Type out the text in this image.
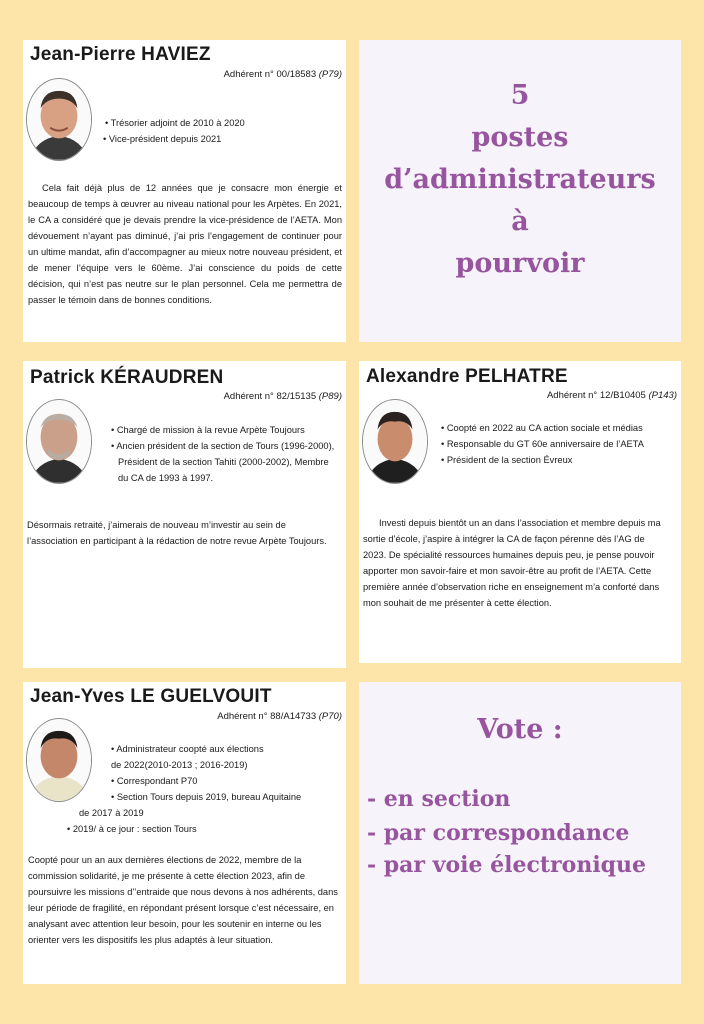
Jean-Pierre HAVIEZ
Adhérent n° 00/18583 (P79)
• Trésorier adjoint de 2010 à 2020
• Vice-président depuis 2021

Cela fait déjà plus de 12 années que je consacre mon énergie et beaucoup de temps à œuvrer au niveau national pour les Arpètes. En 2021, le CA a considéré que je devais prendre la vice-présidence de l’AETA. Mon dévouement n’ayant pas diminué, j’ai pris l’engagement de continuer pour un ultime mandat, afin d’accompagner au mieux notre nouveau président, et de mener l’équipe vers le 60ème. J’ai conscience du poids de cette décision, qui n’est pas neutre sur le plan personnel. Cela me permettra de passer le témoin dans de bonnes conditions.

5
postes
d’administrateurs
à
pourvoir
Patrick KÉRAUDREN
Adhérent n° 82/15135 (P89)
• Chargé de mission à la revue Arpète Toujours
• Ancien président de la section de Tours (1996-2000), Président de la section Tahiti (2000-2002), Membre du CA de 1993 à 1997.

Désormais retraité, j’aimerais de nouveau m’investir au sein de l’association en participant à la rédaction de notre revue Arpète Toujours.

Alexandre PELHATRE
Adhérent n° 12/B10405 (P143)
• Coopté en 2022 au CA action sociale et médias
• Responsable du GT 60e anniversaire de l’AETA
• Président de la section Évreux

Investi depuis bientôt un an dans l’association et membre depuis ma sortie d’école, j’aspire à intégrer la CA de façon pérenne dès l’AG de 2023. De spécialité ressources humaines depuis peu, je pense pouvoir apporter mon savoir-faire et mon savoir-être au profit de l’AETA. Cette première année d’observation riche en enseignement m’a conforté dans mon souhait de me présenter à cette élection.

Jean-Yves LE GUELVOUIT
Adhérent n° 88/A14733 (P70)
• Administrateur coopté aux élections
de 2022(2010-2013 ; 2016-2019)
• Correspondant P70
• Section Tours depuis 2019, bureau Aquitaine
de 2017 à 2019
• 2019/ à ce jour : section Tours

Coopté pour un an aux dernières élections de 2022, membre de la commission solidarité, je me présente à cette élection 2023, afin de poursuivre les missions d’’entraide que nous devons à nos adhérents, dans leur période de fragilité, en répondant présent lorsque c’est nécessaire, en analysant avec attention leur besoin, pour les soutenir en interne ou les orienter vers les dispositifs les plus adaptés à leur situation.

Vote :
- en section
- par correspondance
- par voie électronique
